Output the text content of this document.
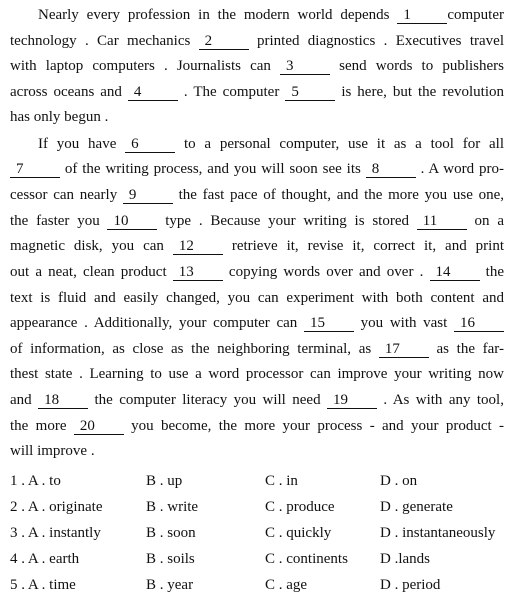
Nearly every profession in the modern world depends 1 computer
technology . Car mechanics 2 printed diagnostics . Executives travel
with laptop computers . Journalists can 3 send words to publishers
across oceans and 4 . The computer 5 is here, but the revolution
has only begun .
If you have 6 to a personal computer, use it as a tool for all
7 of the writing process, and you will soon see its 8 . A word pro-
cessor can nearly 9 the fast pace of thought, and the more you use one,
the faster you 10 type . Because your writing is stored 11 on a
magnetic disk, you can 12 retrieve it, revise it, correct it, and print
out a neat, clean product 13 copying words over and over . 14 the
text is fluid and easily changed, you can experiment with both content and
appearance . Additionally, your computer can 15 you with vast 16
of information, as close as the neighboring terminal, as 17 as the far-
thest state . Learning to use a word processor can improve your writing now
and 18 the computer literacy you will need 19 . As with any tool,
the more 20 you become, the more your process - and your product -
will improve .
1 . A . to	B . up	C . in	D . on
2 . A . originate	B . write	C . produce	D . generate
3 . A . instantly	B . soon	C . quickly	D . instantaneously
4 . A . earth	B . soils	C . continents D .lands
5 . A . time	B . year	C . age	D . period
